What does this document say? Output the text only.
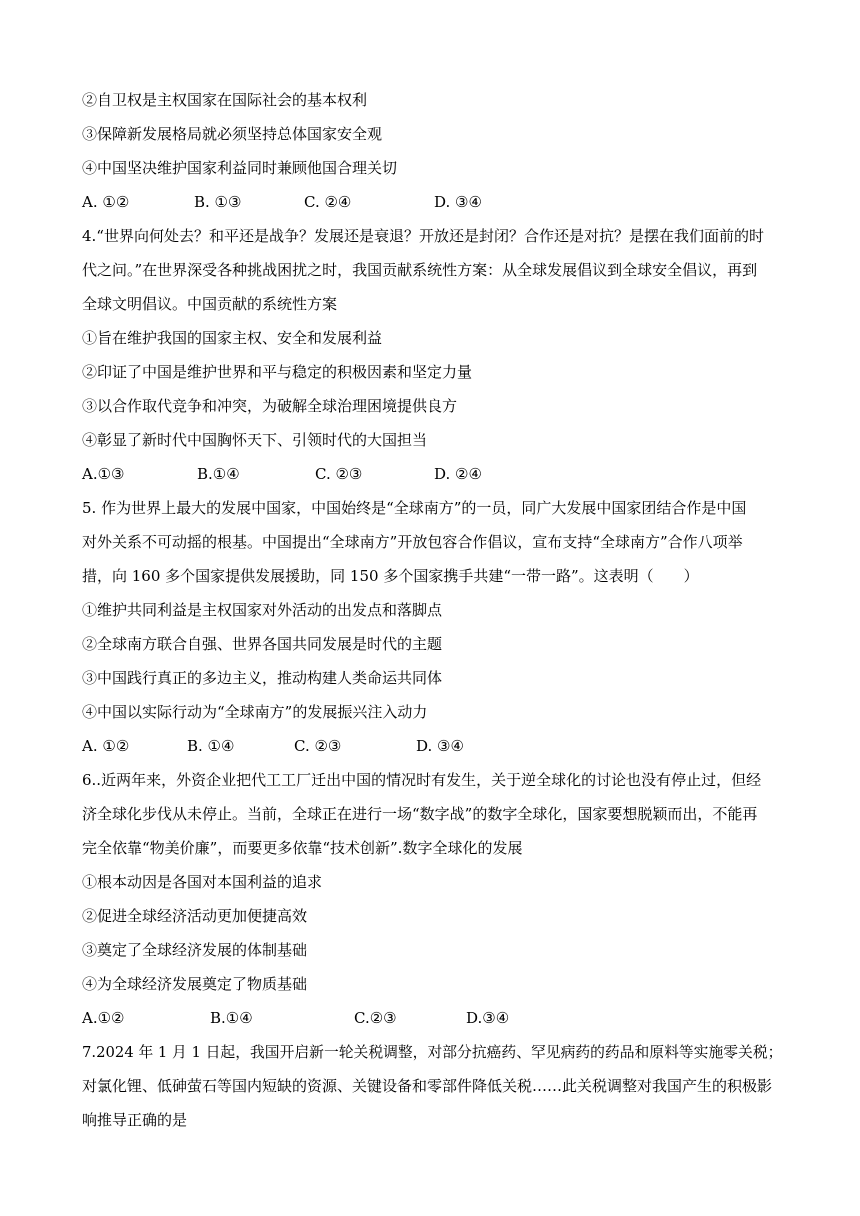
②自卫权是主权国家在国际社会的基本权利
③保障新发展格局就必须坚持总体国家安全观
④中国坚决维护国家利益同时兼顾他国合理关切
A. ①②	B. ①③	C. ②④	D. ③④
4.“世界向何处去？和平还是战争？发展还是衰退？开放还是封闭？合作还是对抗？是摆在我们面前的时
代之问。”在世界深受各种挑战困扰之时，我国贡献系统性方案：从全球发展倡议到全球安全倡议，再到
全球文明倡议。中国贡献的系统性方案
①旨在维护我国的国家主权、安全和发展利益
②印证了中国是维护世界和平与稳定的积极因素和坚定力量
③以合作取代竞争和冲突，为破解全球治理困境提供良方
④彰显了新时代中国胸怀天下、引领时代的大国担当
A.①③	B.①④	C. ②③	D. ②④
5. 作为世界上最大的发展中国家，中国始终是“全球南方”的一员，同广大发展中国家团结合作是中国
对外关系不可动摇的根基。中国提出“全球南方”开放包容合作倡议，宣布支持“全球南方”合作八项举
措，向 160 多个国家提供发展援助，同 150 多个国家携手共建“一带一路”。这表明（　　）
①维护共同利益是主权国家对外活动的出发点和落脚点
②全球南方联合自强、世界各国共同发展是时代的主题
③中国践行真正的多边主义，推动构建人类命运共同体
④中国以实际行动为“全球南方”的发展振兴注入动力
A. ①②	B. ①④	C. ②③	D. ③④
6..近两年来，外资企业把代工工厂迁出中国的情况时有发生，关于逆全球化的讨论也没有停止过，但经
济全球化步伐从未停止。当前，全球正在进行一场“数字战”的数字全球化，国家要想脱颖而出，不能再
完全依靠“物美价廉”，而要更多依靠“技术创新”.数字全球化的发展
①根本动因是各国对本国利益的追求
②促进全球经济活动更加便捷高效
③奠定了全球经济发展的体制基础
④为全球经济发展奠定了物质基础
A.①②	B.①④	C.②③	D.③④
7.2024 年 1 月 1 日起，我国开启新一轮关税调整，对部分抗癌药、罕见病药的药品和原料等实施零关税；
对氯化锂、低砷萤石等国内短缺的资源、关键设备和零部件降低关税……此关税调整对我国产生的积极影
响推导正确的是
